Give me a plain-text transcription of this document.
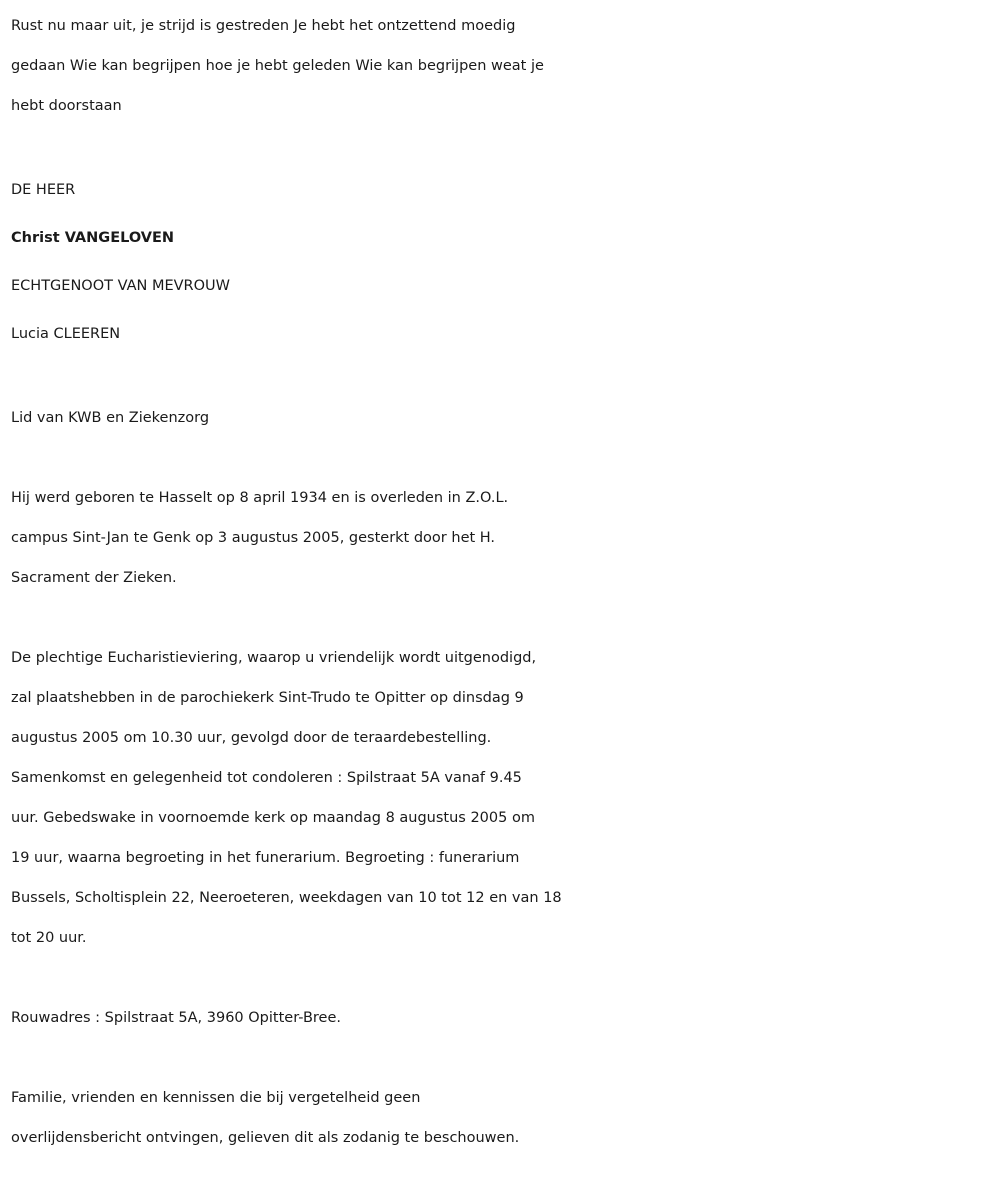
Rust nu maar uit, je strijd is gestreden Je hebt het ontzettend moedig
gedaan Wie kan begrijpen hoe je hebt geleden Wie kan begrijpen weat je
hebt doorstaan
DE HEER
Christ VANGELOVEN
ECHTGENOOT VAN MEVROUW
Lucia CLEEREN
Lid van KWB en Ziekenzorg
Hij werd geboren te Hasselt op 8 april 1934 en is overleden in Z.O.L.
campus Sint-Jan te Genk op 3 augustus 2005, gesterkt door het H.
Sacrament der Zieken.
De plechtige Eucharistieviering, waarop u vriendelijk wordt uitgenodigd,
zal plaatshebben in de parochiekerk Sint-Trudo te Opitter op dinsdag 9
augustus 2005 om 10.30 uur, gevolgd door de teraardebestelling.
Samenkomst en gelegenheid tot condoleren : Spilstraat 5A vanaf 9.45
uur. Gebedswake in voornoemde kerk op maandag 8 augustus 2005 om
19 uur, waarna begroeting in het funerarium. Begroeting : funerarium
Bussels, Scholtisplein 22, Neeroeteren, weekdagen van 10 tot 12 en van 18
tot 20 uur.
Rouwadres : Spilstraat 5A, 3960 Opitter-Bree.
Familie, vrienden en kennissen die bij vergetelheid geen
overlijdensbericht ontvingen, gelieven dit als zodanig te beschouwen.
